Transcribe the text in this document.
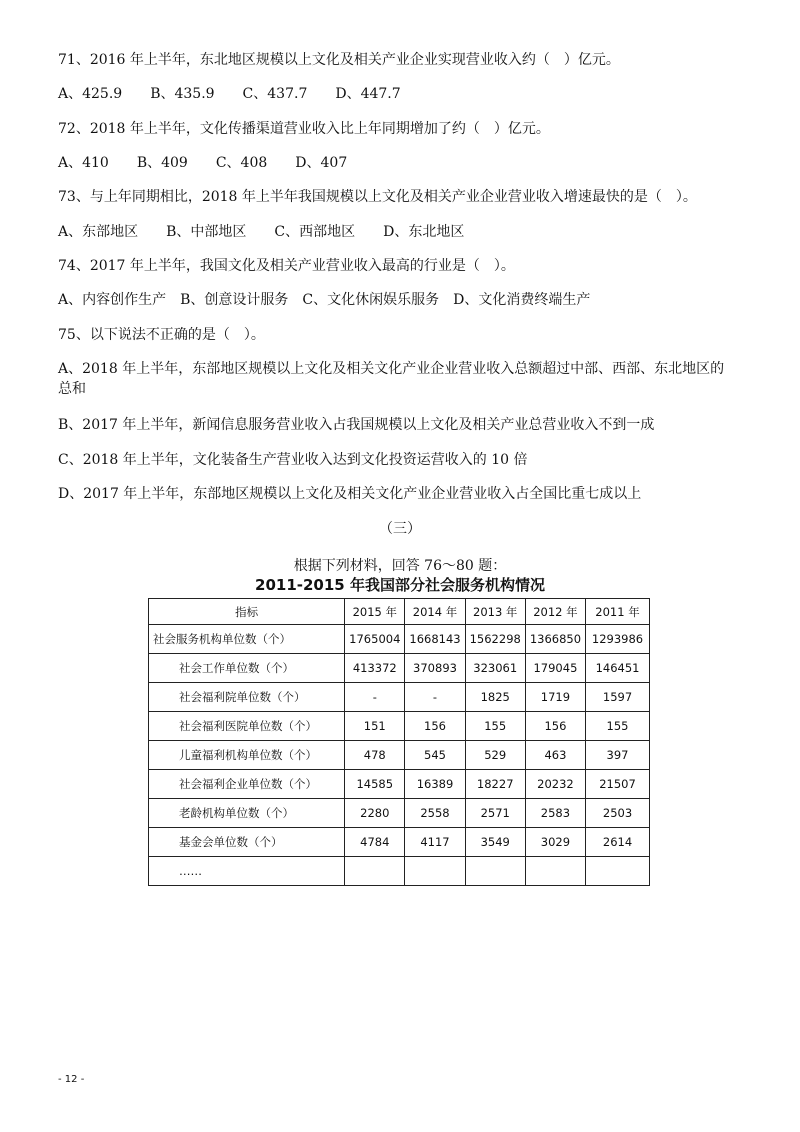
71、2016 年上半年，东北地区规模以上文化及相关产业企业实现营业收入约（　）亿元。
A、425.9　　B、435.9　　C、437.7　　D、447.7
72、2018 年上半年，文化传播渠道营业收入比上年同期增加了约（　）亿元。
A、410　　B、409　　C、408　　D、407
73、与上年同期相比，2018 年上半年我国规模以上文化及相关产业企业营业收入增速最快的是（　）。
A、东部地区　　B、中部地区　　C、西部地区　　D、东北地区
74、2017 年上半年，我国文化及相关产业营业收入最高的行业是（　）。
A、内容创作生产　B、创意设计服务　C、文化休闲娱乐服务　D、文化消费终端生产
75、以下说法不正确的是（　）。
A、2018 年上半年，东部地区规模以上文化及相关文化产业企业营业收入总额超过中部、西部、东北地区的总和
B、2017 年上半年，新闻信息服务营业收入占我国规模以上文化及相关产业总营业收入不到一成
C、2018 年上半年，文化装备生产营业收入达到文化投资运营收入的 10 倍
D、2017 年上半年，东部地区规模以上文化及相关文化产业企业营业收入占全国比重七成以上
（三）
根据下列材料，回答 76～80 题：
2011-2015 年我国部分社会服务机构情况
指标	2015 年	2014 年	2013 年	2012 年	2011 年
社会服务机构单位数（个）	1765004	1668143	1562298	1366850	1293986
社会工作单位数（个）	413372	370893	323061	179045	146451
社会福利院单位数（个）	-	-	1825	1719	1597
社会福利医院单位数（个）	151	156	155	156	155
儿童福利机构单位数（个）	478	545	529	463	397
社会福利企业单位数（个）	14585	16389	18227	20232	21507
老龄机构单位数（个）	2280	2558	2571	2583	2503
基金会单位数（个）	4784	4117	3549	3029	2614
……					
- 12 -
